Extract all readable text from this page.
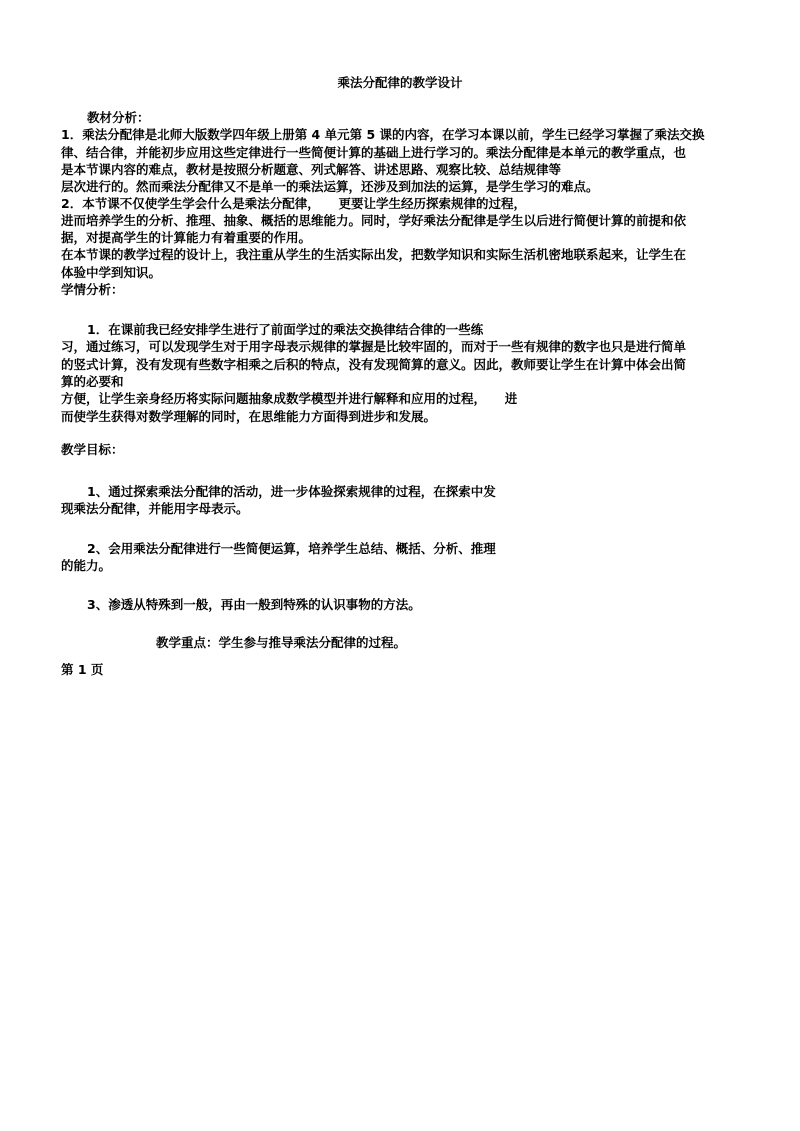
乘法分配律的教学设计
教材分析：
1．乘法分配律是北师大版数学四年级上册第 4 单元第 5 课的内容，在学习本课以前，学生已经学习掌握了乘法交换
律、结合律，并能初步应用这些定律进行一些简便计算的基础上进行学习的。乘法分配律是本单元的教学重点，也
是本节课内容的难点，教材是按照分析题意、列式解答、讲述思路、观察比较、总结规律等
层次进行的。然而乘法分配律又不是单一的乘法运算，还涉及到加法的运算，是学生学习的难点。
2．本节课不仅使学生学会什么是乘法分配律，　　更要让学生经历探索规律的过程，
进而培养学生的分析、推理、抽象、概括的思维能力。同时，学好乘法分配律是学生以后进行简便计算的前提和依
据，对提高学生的计算能力有着重要的作用。
在本节课的教学过程的设计上，我注重从学生的生活实际出发，把数学知识和实际生活机密地联系起来，让学生在
体验中学到知识。
学情分析：
1．在课前我已经安排学生进行了前面学过的乘法交换律结合律的一些练
习，通过练习，可以发现学生对于用字母表示规律的掌握是比较牢固的，而对于一些有规律的数字也只是进行简单
的竖式计算，没有发现有些数字相乘之后积的特点，没有发现简算的意义。因此，教师要让学生在计算中体会出简
算的必要和
方便，让学生亲身经历将实际问题抽象成数学模型并进行解释和应用的过程，　　进
而使学生获得对数学理解的同时，在思维能力方面得到进步和发展。
教学目标：
1、通过探索乘法分配律的活动，进一步体验探索规律的过程，在探索中发
现乘法分配律，并能用字母表示。
2、会用乘法分配律进行一些简便运算，培养学生总结、概括、分析、推理
的能力。
3、渗透从特殊到一般，再由一般到特殊的认识事物的方法。
教学重点：学生参与推导乘法分配律的过程。
第 1 页
